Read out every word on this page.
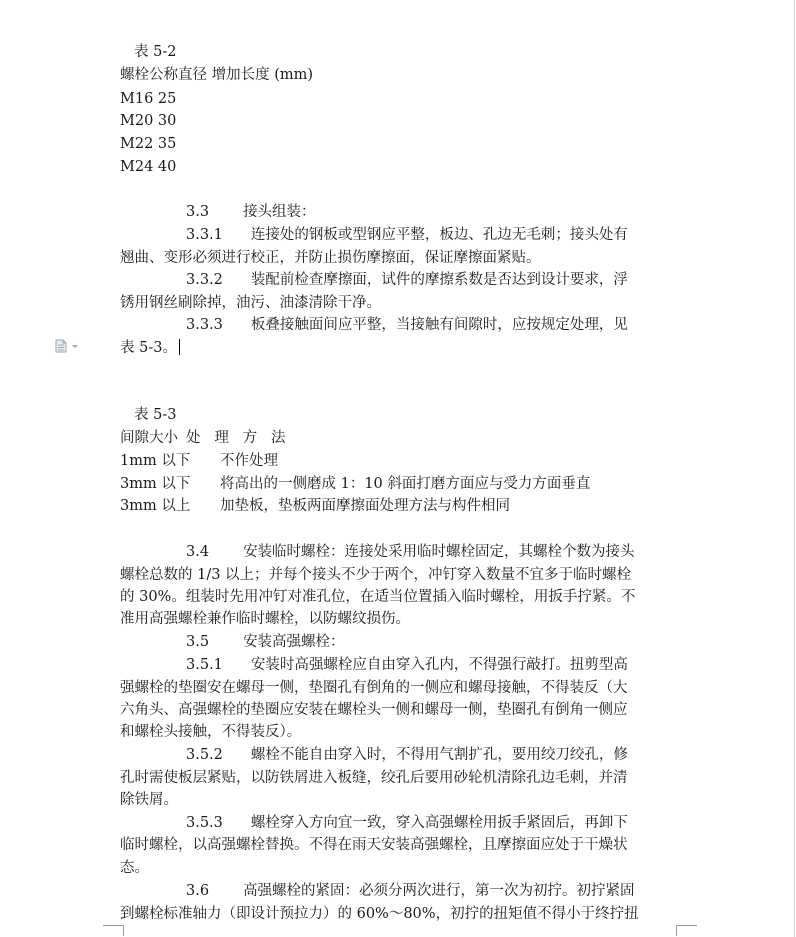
表 5-2
螺栓公称直径 增加长度 (mm)
M16 25
M20 30
M22 35
M24 40
3.3 接头组装：
3.3.1 连接处的钢板或型钢应平整，板边、孔边无毛刺；接头处有
翘曲、变形必须进行校正，并防止损伤摩擦面，保证摩擦面紧贴。
3.3.2 装配前检查摩擦面，试件的摩擦系数是否达到设计要求，浮
锈用钢丝刷除掉，油污、油漆清除干净。
3.3.3 板叠接触面间应平整，当接触有间隙时，应按规定处理，见
表 5-3。
表 5-3
间隙大小 处   理   方   法
1mm 以下 不作处理
3mm 以下 将高出的一侧磨成 1：10 斜面打磨方面应与受力方面垂直
3mm 以上 加垫板，垫板两面摩擦面处理方法与构件相同
3.4 安装临时螺栓：连接处采用临时螺栓固定，其螺栓个数为接头
螺栓总数的 1/3 以上；并每个接头不少于两个，冲钉穿入数量不宜多于临时螺栓
的 30%。组装时先用冲钉对准孔位，在适当位置插入临时螺栓，用扳手拧紧。不
准用高强螺栓兼作临时螺栓，以防螺纹损伤。
3.5 安装高强螺栓：
3.5.1 安装时高强螺栓应自由穿入孔内，不得强行敲打。扭剪型高
强螺栓的垫圈安在螺母一侧，垫圈孔有倒角的一侧应和螺母接触，不得装反（大
六角头、高强螺栓的垫圈应安装在螺栓头一侧和螺母一侧，垫圈孔有倒角一侧应
和螺栓头接触，不得装反）。
3.5.2 螺栓不能自由穿入时，不得用气割扩孔，要用绞刀绞孔，修
孔时需使板层紧贴，以防铁屑进入板缝，绞孔后要用砂轮机清除孔边毛刺，并清
除铁屑。
3.5.3 螺栓穿入方向宜一致，穿入高强螺栓用扳手紧固后，再卸下
临时螺栓，以高强螺栓替换。不得在雨天安装高强螺栓，且摩擦面应处于干燥状
态。
3.6 高强螺栓的紧固：必须分两次进行，第一次为初拧。初拧紧固
到螺栓标准轴力（即设计预拉力）的 60%～80%，初拧的扭矩值不得小于终拧扭
